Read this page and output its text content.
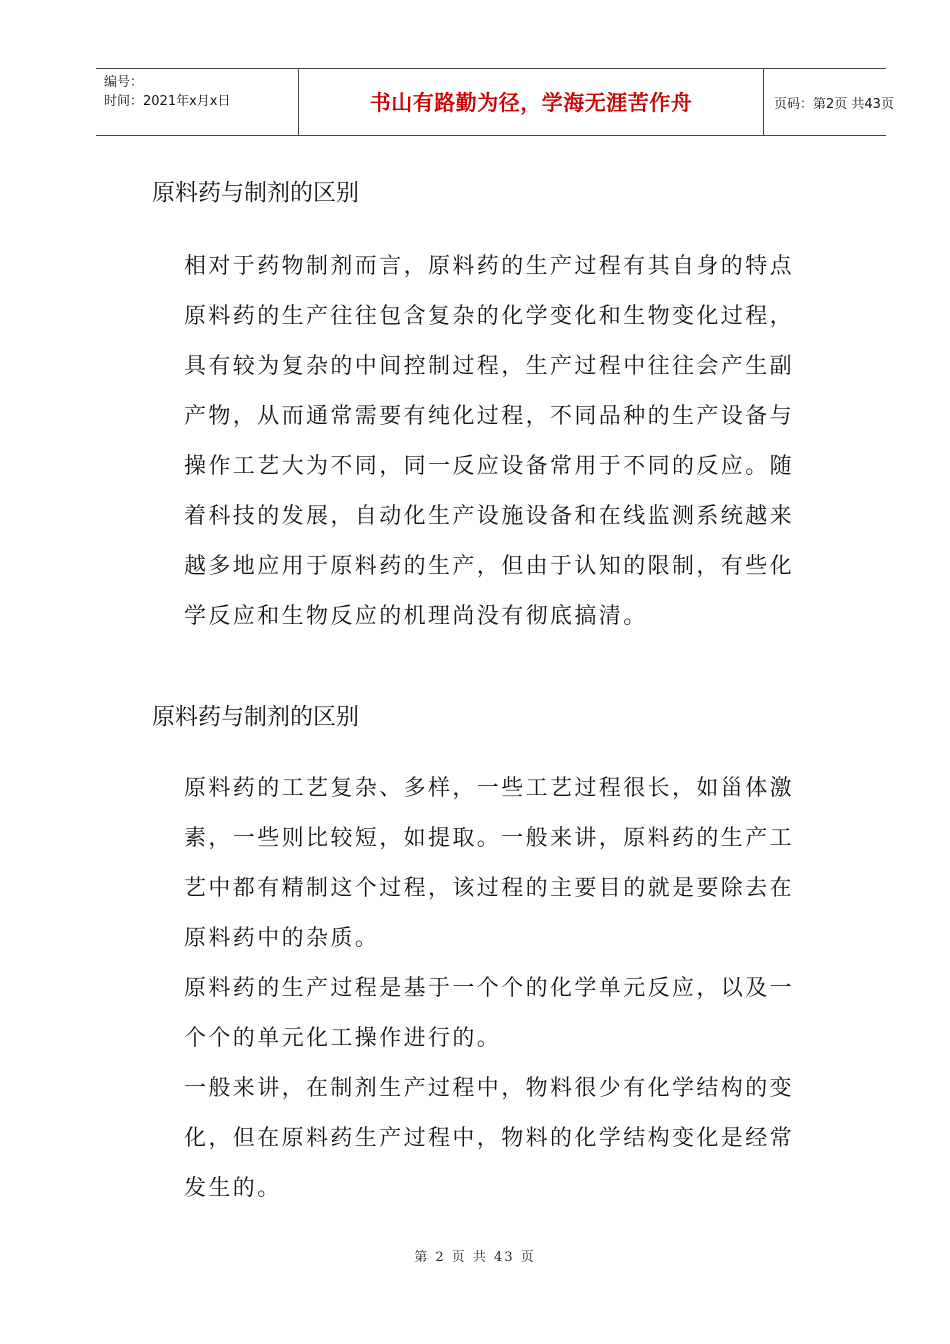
编号：
时间：2021年x月x日	书山有路勤为径，学海无涯苦作舟	页码：第2页 共43页
原料药与制剂的区别
相对于药物制剂而言，原料药的生产过程有其自身的特点
原料药的生产往往包含复杂的化学变化和生物变化过程，
具有较为复杂的中间控制过程，生产过程中往往会产生副
产物，从而通常需要有纯化过程，不同品种的生产设备与
操作工艺大为不同，同一反应设备常用于不同的反应。随
着科技的发展，自动化生产设施设备和在线监测系统越来
越多地应用于原料药的生产，但由于认知的限制，有些化
学反应和生物反应的机理尚没有彻底搞清。
原料药与制剂的区别
原料药的工艺复杂、多样，一些工艺过程很长，如甾体激
素，一些则比较短，如提取。一般来讲，原料药的生产工
艺中都有精制这个过程，该过程的主要目的就是要除去在
原料药中的杂质。
原料药的生产过程是基于一个个的化学单元反应，以及一
个个的单元化工操作进行的。
一般来讲，在制剂生产过程中，物料很少有化学结构的变
化，但在原料药生产过程中，物料的化学结构变化是经常
发生的。
第 2 页 共 43 页
